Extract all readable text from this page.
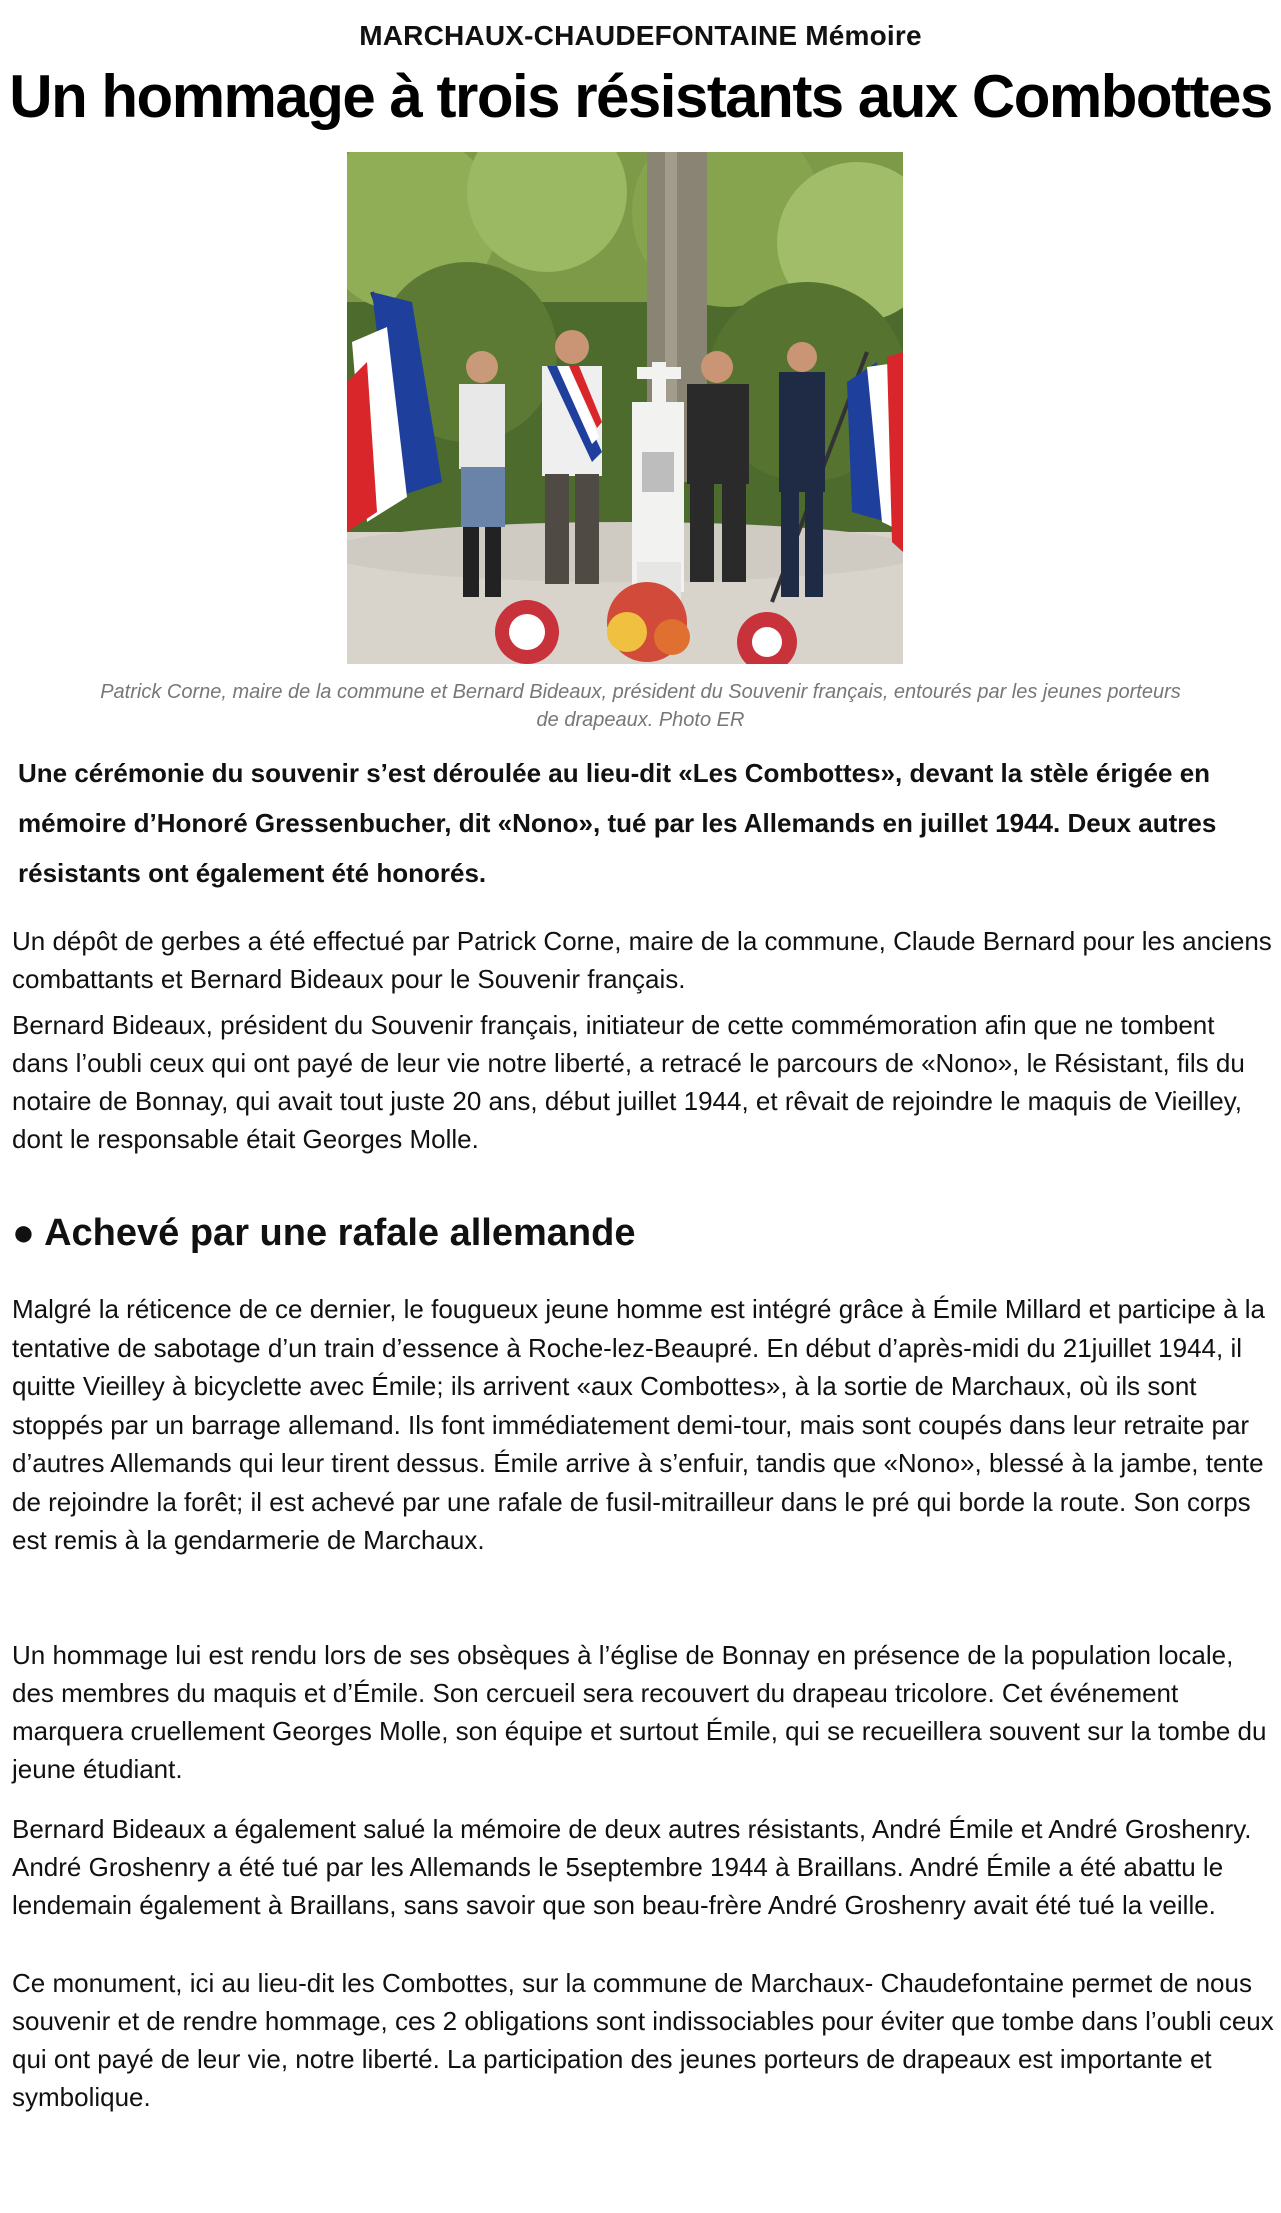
MARCHAUX-CHAUDEFONTAINE Mémoire
Un hommage à trois résistants aux Combottes
Patrick Corne, maire de la commune et Bernard Bideaux, président du Souvenir français, entourés par les jeunes porteurs de drapeaux. Photo ER
Une cérémonie du souvenir s’est déroulée au lieu-dit «Les Combottes», devant la stèle érigée en mémoire d’Honoré Gressenbucher, dit «Nono», tué par les Allemands en juillet 1944. Deux autres résistants ont également été honorés.
Un dépôt de gerbes a été effectué par Patrick Corne, maire de la commune, Claude Bernard pour les anciens combattants et Bernard Bideaux pour le Souvenir français.
Bernard Bideaux, président du Souvenir français, initiateur de cette commémoration afin que ne tombent dans l’oubli ceux qui ont payé de leur vie notre liberté, a retracé le parcours de «Nono», le Résistant, fils du notaire de Bonnay, qui avait tout juste 20 ans, début juillet 1944, et rêvait de rejoindre le maquis de Vieilley, dont le responsable était Georges Molle.
● Achevé par une rafale allemande
Malgré la réticence de ce dernier, le fougueux jeune homme est intégré grâce à Émile Millard et participe à la tentative de sabotage d’un train d’essence à Roche-lez-Beaupré. En début d’après-midi du 21juillet 1944, il quitte Vieilley à bicyclette avec Émile; ils arrivent «aux Combottes», à la sortie de Marchaux, où ils sont stoppés par un barrage allemand. Ils font immédiatement demi-tour, mais sont coupés dans leur retraite par d’autres Allemands qui leur tirent dessus. Émile arrive à s’enfuir, tandis que «Nono», blessé à la jambe, tente de rejoindre la forêt; il est achevé par une rafale de fusil-mitrailleur dans le pré qui borde la route. Son corps est remis à la gendarmerie de Marchaux.
Un hommage lui est rendu lors de ses obsèques à l’église de Bonnay en présence de la population locale, des membres du maquis et d’Émile. Son cercueil sera recouvert du drapeau tricolore. Cet événement marquera cruellement Georges Molle, son équipe et surtout Émile, qui se recueillera souvent sur la tombe du jeune étudiant.
Bernard Bideaux a également salué la mémoire de deux autres résistants, André Émile et André Groshenry. André Groshenry a été tué par les Allemands le 5septembre 1944 à Braillans. André Émile a été abattu le lendemain également à Braillans, sans savoir que son beau-frère André Groshenry avait été tué la veille.
Ce monument, ici au lieu-dit les Combottes, sur la commune de Marchaux- Chaudefontaine permet de nous souvenir et de rendre hommage, ces 2 obligations sont indissociables pour éviter que tombe dans l’oubli ceux qui ont payé de leur vie, notre liberté. La participation des jeunes porteurs de drapeaux est importante et symbolique.
